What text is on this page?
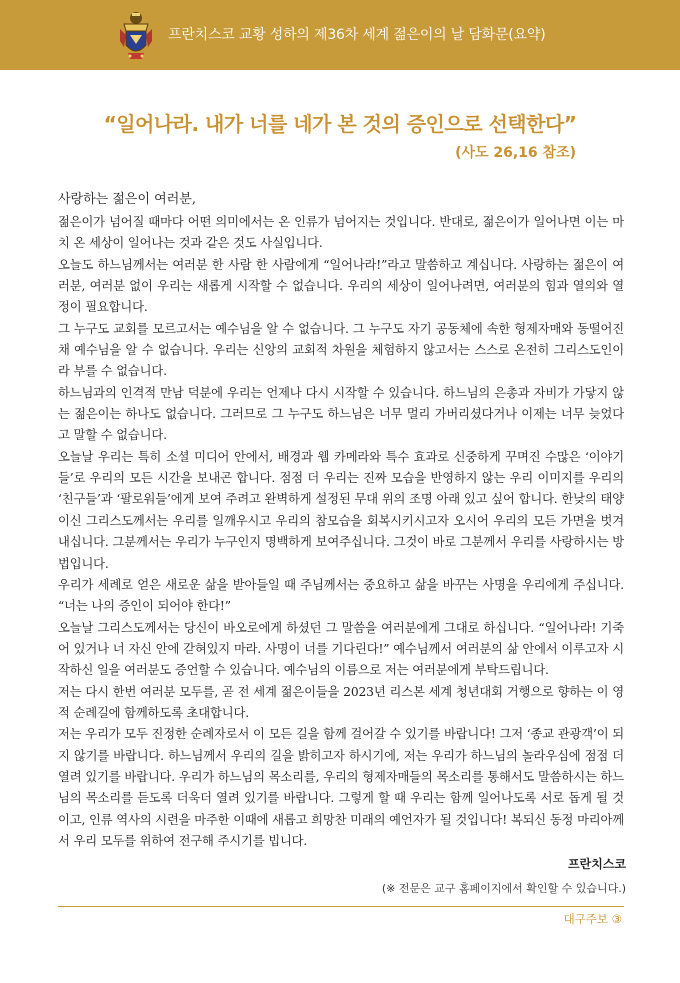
프란치스코 교황 성하의 제36차 세계 젊은이의 날 담화문(요약)
“일어나라. 내가 너를 네가 본 것의 증인으로 선택한다”
(사도 26,16 참조)
사랑하는 젊은이 여러분,

젊은이가 넘어질 때마다 어떤 의미에서는 온 인류가 넘어지는 것입니다. 반대로, 젊은이가 일어나면 이는 마치 온 세상이 일어나는 것과 같은 것도 사실입니다.

오늘도 하느님께서는 여러분 한 사람 한 사람에게 “일어나라!”라고 말씀하고 계십니다. 사랑하는 젊은이 여러분, 여러분 없이 우리는 새롭게 시작할 수 없습니다. 우리의 세상이 일어나려면, 여러분의 힘과 열의와 열정이 필요합니다.

그 누구도 교회를 모르고서는 예수님을 알 수 없습니다. 그 누구도 자기 공동체에 속한 형제자매와 동떨어진 채 예수님을 알 수 없습니다. 우리는 신앙의 교회적 차원을 체험하지 않고서는 스스로 온전히 그리스도인이라 부를 수 없습니다.

하느님과의 인격적 만남 덕분에 우리는 언제나 다시 시작할 수 있습니다. 하느님의 은총과 자비가 가닿지 않는 젊은이는 하나도 없습니다. 그러므로 그 누구도 하느님은 너무 멀리 가버리셨다거나 이제는 너무 늦었다고 말할 수 없습니다.

오늘날 우리는 특히 소셜 미디어 안에서, 배경과 웹 카메라와 특수 효과로 신중하게 꾸며진 수많은 ‘이야기들’로 우리의 모든 시간을 보내곤 합니다. 점점 더 우리는 진짜 모습을 반영하지 않는 우리 이미지를 우리의 ‘친구들’과 ‘팔로워들’에게 보여 주려고 완벽하게 설정된 무대 위의 조명 아래 있고 싶어 합니다. 한낮의 태양이신 그리스도께서는 우리를 일깨우시고 우리의 참모습을 회복시키시고자 오시어 우리의 모든 가면을 벗겨 내십니다. 그분께서는 우리가 누구인지 명백하게 보여주십니다. 그것이 바로 그분께서 우리를 사랑하시는 방법입니다.

우리가 세례로 얻은 새로운 삶을 받아들일 때 주님께서는 중요하고 삶을 바꾸는 사명을 우리에게 주십니다. “너는 나의 증인이 되어야 한다!”

오늘날 그리스도께서는 당신이 바오로에게 하셨던 그 말씀을 여러분에게 그대로 하십니다. “일어나라! 기죽어 있거나 너 자신 안에 갇혀있지 마라. 사명이 너를 기다린다!” 예수님께서 여러분의 삶 안에서 이루고자 시작하신 일을 여러분도 증언할 수 있습니다. 예수님의 이름으로 저는 여러분에게 부탁드립니다.

저는 다시 한번 여러분 모두를, 곧 전 세계 젊은이들을 2023년 리스본 세계 청년대회 거행으로 향하는 이 영적 순례길에 함께하도록 초대합니다.

저는 우리가 모두 진정한 순례자로서 이 모든 길을 함께 걸어갈 수 있기를 바랍니다! 그저 ‘종교 관광객’이 되지 않기를 바랍니다. 하느님께서 우리의 길을 밝히고자 하시기에, 저는 우리가 하느님의 놀라우심에 점점 더 열려 있기를 바랍니다. 우리가 하느님의 목소리를, 우리의 형제자매들의 목소리를 통해서도 말씀하시는 하느님의 목소리를 듣도록 더욱더 열려 있기를 바랍니다. 그렇게 할 때 우리는 함께 일어나도록 서로 돕게 될 것이고, 인류 역사의 시련을 마주한 이때에 새롭고 희망찬 미래의 예언자가 될 것입니다! 복되신 동정 마리아께서 우리 모두를 위하여 전구해 주시기를 빕니다.

프란치스코
(※ 전문은 교구 홈페이지에서 확인할 수 있습니다.)
대구주보 ③
